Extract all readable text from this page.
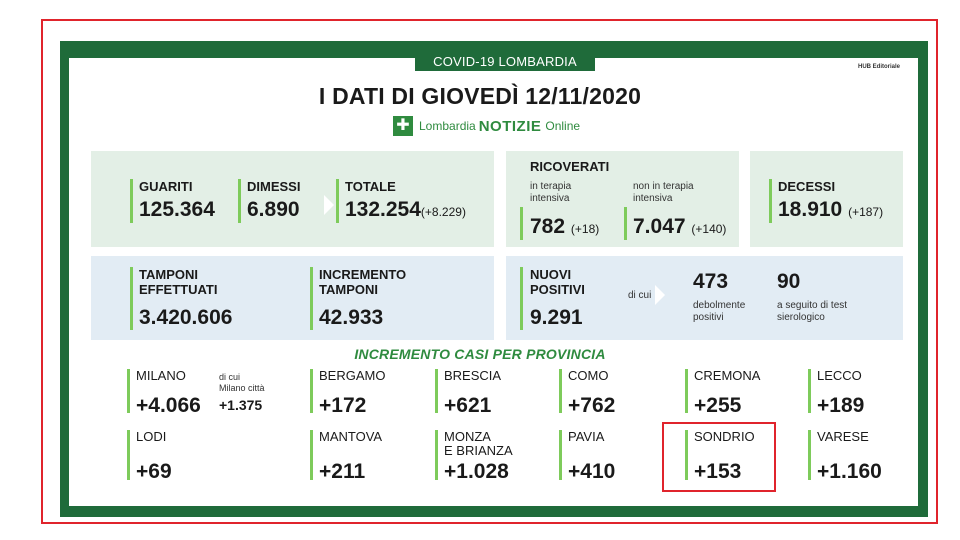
COVID-19 LOMBARDIA	HUB Editoriale
I DATI DI GIOVEDÌ 12/11/2020
✚ Lombardia NOTIZIE Online
GUARITI
125.364
DIMESSI
6.890
TOTALE
132.254(+8.229)
RICOVERATI
in terapia
intensiva
782 (+18)
non in terapia
intensiva
7.047 (+140)
DECESSI
18.910 (+187)
TAMPONI
EFFETTUATI
3.420.606
INCREMENTO
TAMPONI
42.933
NUOVI
POSITIVI
9.291
di cui
473
debolmente
positivi
90
a seguito di test
sierologico
INCREMENTO CASI PER PROVINCIA
MILANO
+4.066
di cui
Milano città
+1.375
BERGAMO
+172
BRESCIA
+621
COMO
+762
CREMONA
+255
LECCO
+189
LODI
+69
MANTOVA
+211
MONZA
E BRIANZA
+1.028
PAVIA
+410
SONDRIO
+153
VARESE
+1.160
